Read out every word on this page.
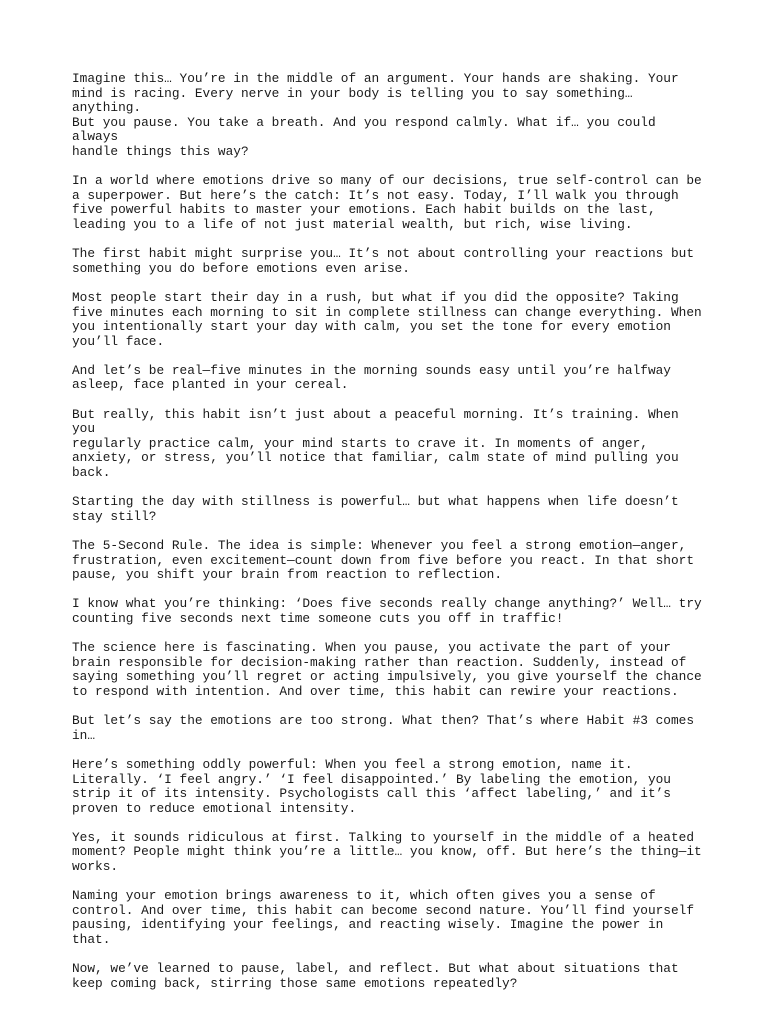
Imagine this… You’re in the middle of an argument. Your hands are shaking. Your
mind is racing. Every nerve in your body is telling you to say something… anything.
But you pause. You take a breath. And you respond calmly. What if… you could always
handle things this way?

In a world where emotions drive so many of our decisions, true self-control can be
a superpower. But here’s the catch: It’s not easy. Today, I’ll walk you through
five powerful habits to master your emotions. Each habit builds on the last,
leading you to a life of not just material wealth, but rich, wise living.

The first habit might surprise you… It’s not about controlling your reactions but
something you do before emotions even arise.

Most people start their day in a rush, but what if you did the opposite? Taking
five minutes each morning to sit in complete stillness can change everything. When
you intentionally start your day with calm, you set the tone for every emotion
you’ll face.

And let’s be real—five minutes in the morning sounds easy until you’re halfway
asleep, face planted in your cereal.

But really, this habit isn’t just about a peaceful morning. It’s training. When you
regularly practice calm, your mind starts to crave it. In moments of anger,
anxiety, or stress, you’ll notice that familiar, calm state of mind pulling you
back.

Starting the day with stillness is powerful… but what happens when life doesn’t
stay still?

The 5-Second Rule. The idea is simple: Whenever you feel a strong emotion—anger,
frustration, even excitement—count down from five before you react. In that short
pause, you shift your brain from reaction to reflection.

I know what you’re thinking: ‘Does five seconds really change anything?’ Well… try
counting five seconds next time someone cuts you off in traffic!

The science here is fascinating. When you pause, you activate the part of your
brain responsible for decision-making rather than reaction. Suddenly, instead of
saying something you’ll regret or acting impulsively, you give yourself the chance
to respond with intention. And over time, this habit can rewire your reactions.

But let’s say the emotions are too strong. What then? That’s where Habit #3 comes
in…

Here’s something oddly powerful: When you feel a strong emotion, name it.
Literally. ‘I feel angry.’ ‘I feel disappointed.’ By labeling the emotion, you
strip it of its intensity. Psychologists call this ‘affect labeling,’ and it’s
proven to reduce emotional intensity.

Yes, it sounds ridiculous at first. Talking to yourself in the middle of a heated
moment? People might think you’re a little… you know, off. But here’s the thing—it
works.

Naming your emotion brings awareness to it, which often gives you a sense of
control. And over time, this habit can become second nature. You’ll find yourself
pausing, identifying your feelings, and reacting wisely. Imagine the power in that.

Now, we’ve learned to pause, label, and reflect. But what about situations that
keep coming back, stirring those same emotions repeatedly?
